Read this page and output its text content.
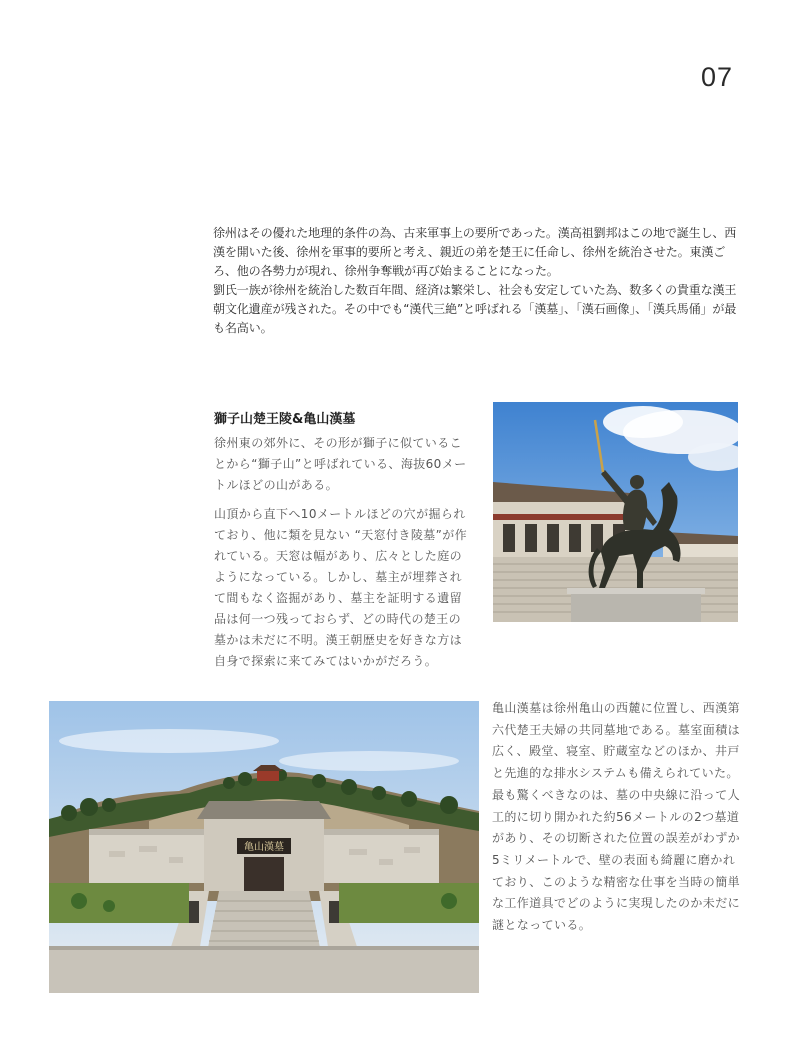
07

徐州はその優れた地理的条件の為、古来軍事上の要所であった。漢高祖劉邦はこの地で誕生し、西漢を開いた後、徐州を軍事的要所と考え、親近の弟を楚王に任命し、徐州を統治させた。東漢ごろ、他の各勢力が現れ、徐州争奪戦が再び始まることになった。

劉氏一族が徐州を統治した数百年間、経済は繁栄し、社会も安定していた為、数多くの貴重な漢王朝文化遺産が残された。その中でも“漢代三絶”と呼ばれる「漢墓」、「漢石画像」、「漢兵馬俑」が最も名高い。

獅子山楚王陵&亀山漢墓

徐州東の郊外に、その形が獅子に似ていることから“獅子山”と呼ばれている、海抜60メートルほどの山がある。

山頂から直下へ10メートルほどの穴が掘られており、他に類を見ない “天窓付き陵墓”が作れている。天窓は幅があり、広々とした庭のようになっている。しかし、墓主が埋葬されて間もなく盗掘があり、墓主を証明する遺留品は何一つ残っておらず、どの時代の楚王の墓かは未だに不明。漢王朝歴史を好きな方は自身で探索に来てみてはいかがだろう。

亀山漢墓は徐州亀山の西麓に位置し、西漢第六代楚王夫婦の共同墓地である。墓室面積は広く、殿堂、寝室、貯蔵室などのほか、井戸と先進的な排水システムも備えられていた。最も驚くべきなのは、墓の中央線に沿って人工的に切り開かれた約56メートルの2つ墓道があり、その切断された位置の誤差がわずか5ミリメートルで、壁の表面も綺麗に磨かれており、このような精密な仕事を当時の簡単な工作道具でどのように実現したのか未だに謎となっている。

亀山漢墓
